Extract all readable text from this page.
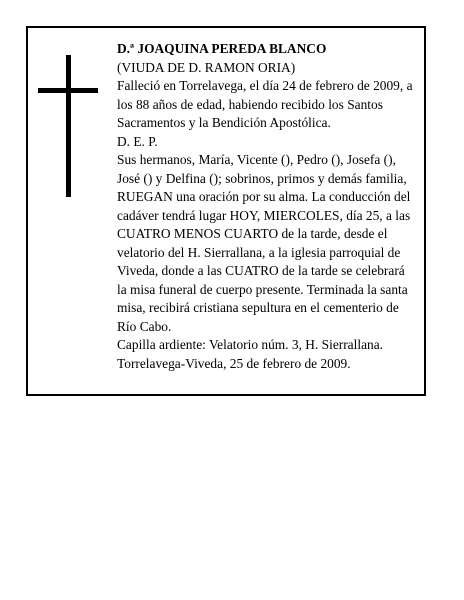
D.ª JOAQUINA PEREDA BLANCO

(VIUDA DE D. RAMON ORIA)

Falleció en Torrelavega, el día 24 de febrero de 2009, a los 88 años de edad, habiendo recibido los Santos Sacramentos y la Bendición Apostólica.

D. E. P.

Sus hermanos, María, Vicente (), Pedro (), Josefa (), José () y Delfina (); sobrinos, primos y demás familia, RUEGAN una oración por su alma. La conducción del cadáver tendrá lugar HOY, MIERCOLES, día 25, a las CUATRO MENOS CUARTO de la tarde, desde el velatorio del H. Sierrallana, a la iglesia parroquial de Viveda, donde a las CUATRO de la tarde se celebrará la misa funeral de cuerpo presente. Terminada la santa misa, recibirá cristiana sepultura en el cementerio de Río Cabo.

Capilla ardiente: Velatorio núm. 3, H. Sierrallana.

Torrelavega-Viveda, 25 de febrero de 2009.
